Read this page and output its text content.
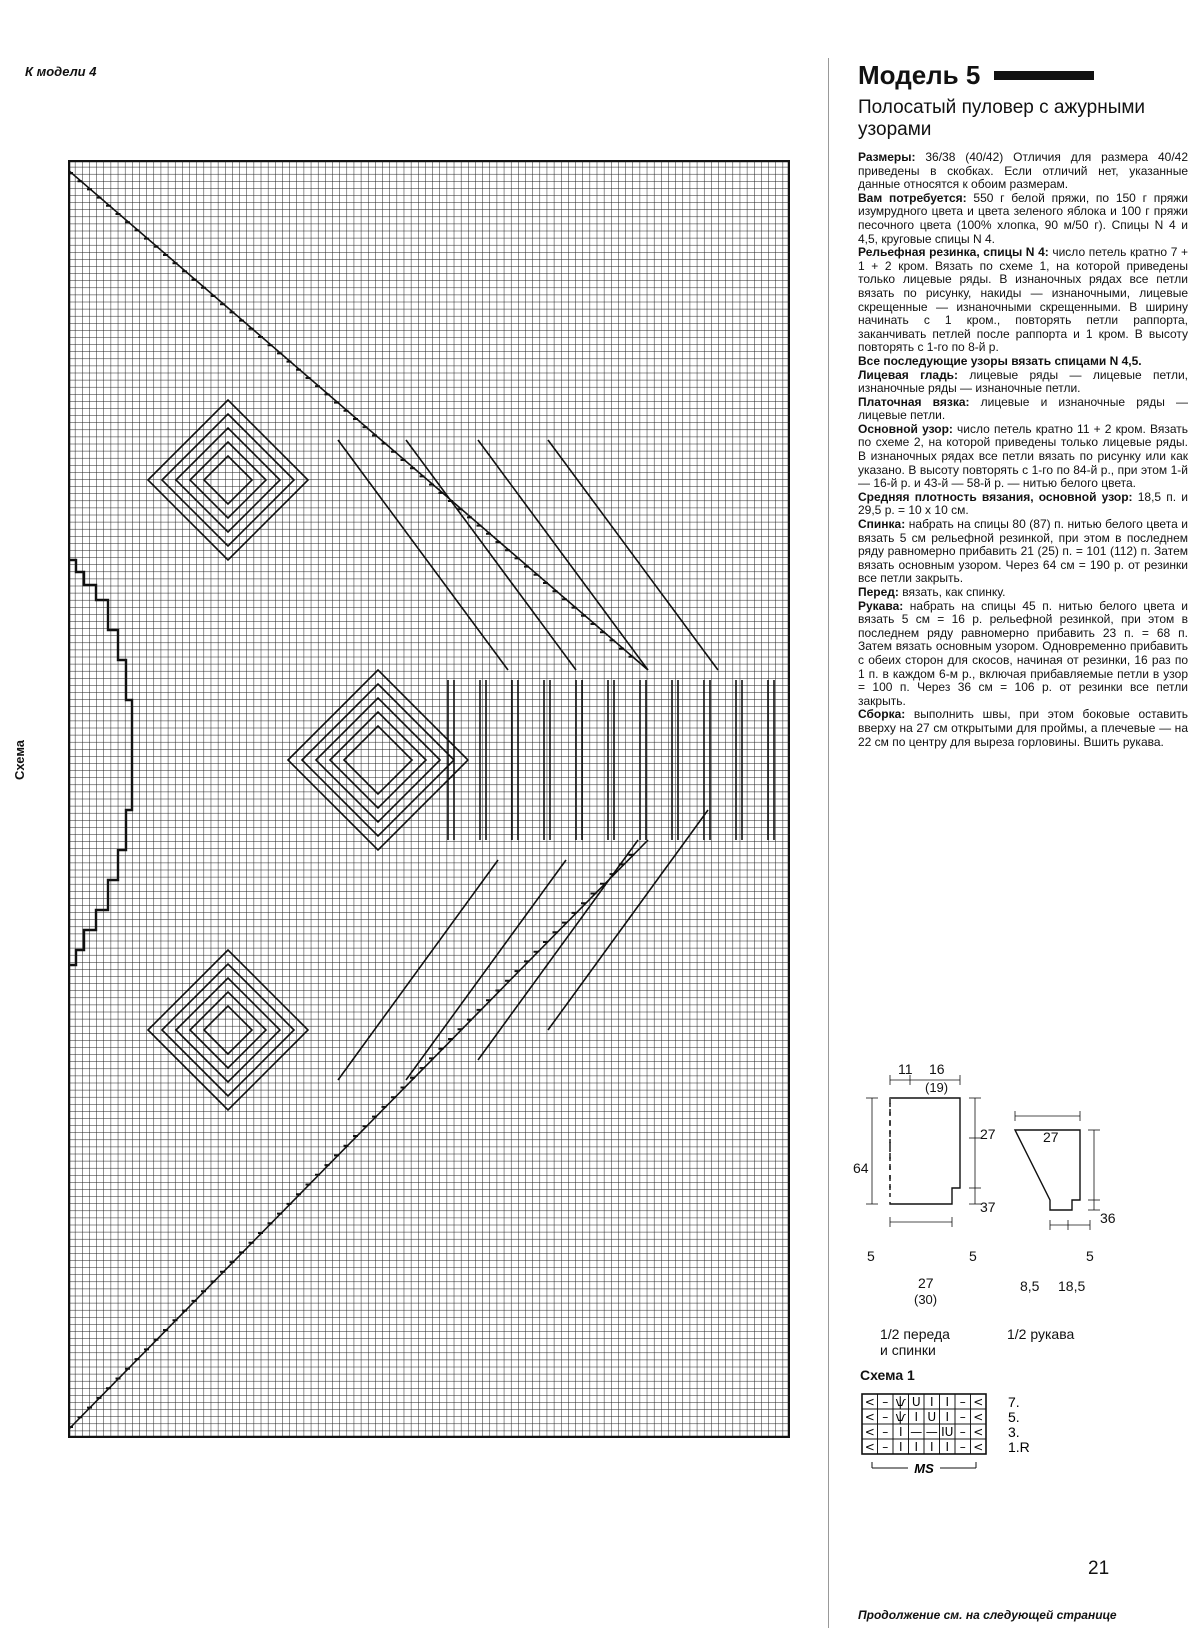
К модели 4
Схема
Модель 5
Полосатый пуловер с ажурными узорами

Размеры: 36/38 (40/42) Отличия для размера 40/42 приведены в скобках. Если отличий нет, указанные данные относятся к обоим размерам.

Вам потребуется: 550 г белой пряжи, по 150 г пряжи изумрудного цвета и цвета зеленого яблока и 100 г пряжи песочного цвета (100% хлопка, 90 м/50 г). Спицы N 4 и 4,5, круговые спицы N 4.

Рельефная резинка, спицы N 4: число петель кратно 7 + 1 + 2 кром. Вязать по схеме 1, на которой приведены только лицевые ряды. В изнаночных рядах все петли вязать по рисунку, накиды — изнаночными, лицевые скрещенные — изнаночными скрещенными. В ширину начинать с 1 кром., повторять петли раппорта, заканчивать петлей после раппорта и 1 кром. В высоту повторять с 1-го по 8-й р.

Все последующие узоры вязать спицами N 4,5.

Лицевая гладь: лицевые ряды — лицевые петли, изнаночные ряды — изнаночные петли.

Платочная вязка: лицевые и изнаночные ряды — лицевые петли.

Основной узор: число петель кратно 11 + 2 кром. Вязать по схеме 2, на которой приведены только лицевые ряды. В изнаночных рядах все петли вязать по рисунку или как указано. В высоту повторять с 1-го по 84-й р., при этом 1-й — 16-й р. и 43-й — 58-й р. — нитью белого цвета.

Средняя плотность вязания, основной узор: 18,5 п. и 29,5 р. = 10 х 10 см.

Спинка: набрать на спицы 80 (87) п. нитью белого цвета и вязать 5 см рельефной резинкой, при этом в последнем ряду равномерно прибавить 21 (25) п. = 101 (112) п. Затем вязать основным узором. Через 64 см = 190 р. от резинки все петли закрыть.

Перед: вязать, как спинку.

Рукава: набрать на спицы 45 п. нитью белого цвета и вязать 5 см = 16 р. рельефной резинкой, при этом в последнем ряду равномерно прибавить 23 п. = 68 п. Затем вязать основным узором. Одновременно прибавить с обеих сторон для скосов, начиная от резинки, 16 раз по 1 п. в каждом 6-м р., включая прибавляемые петли в узор = 100 п. Через 36 см = 106 р. от резинки все петли закрыть.

Сборка: выполнить швы, при этом боковые оставить вверху на 27 см открытыми для проймы, а плечевые — на 22 см по центру для выреза горловины. Вшить рукава.

11 16
(19)
64
27
37
5	5
27
(30)
1/2 переда
и спинки
27
36
5
8,5 18,5
1/2 рукава
Схема 1
< – ѱ U I I – < 7.
< – ѱ I U I – < 5.
< – I — — IU – < 3.
< – I I I I – < 1.R
MS
Продолжение см. на следующей странице
21
